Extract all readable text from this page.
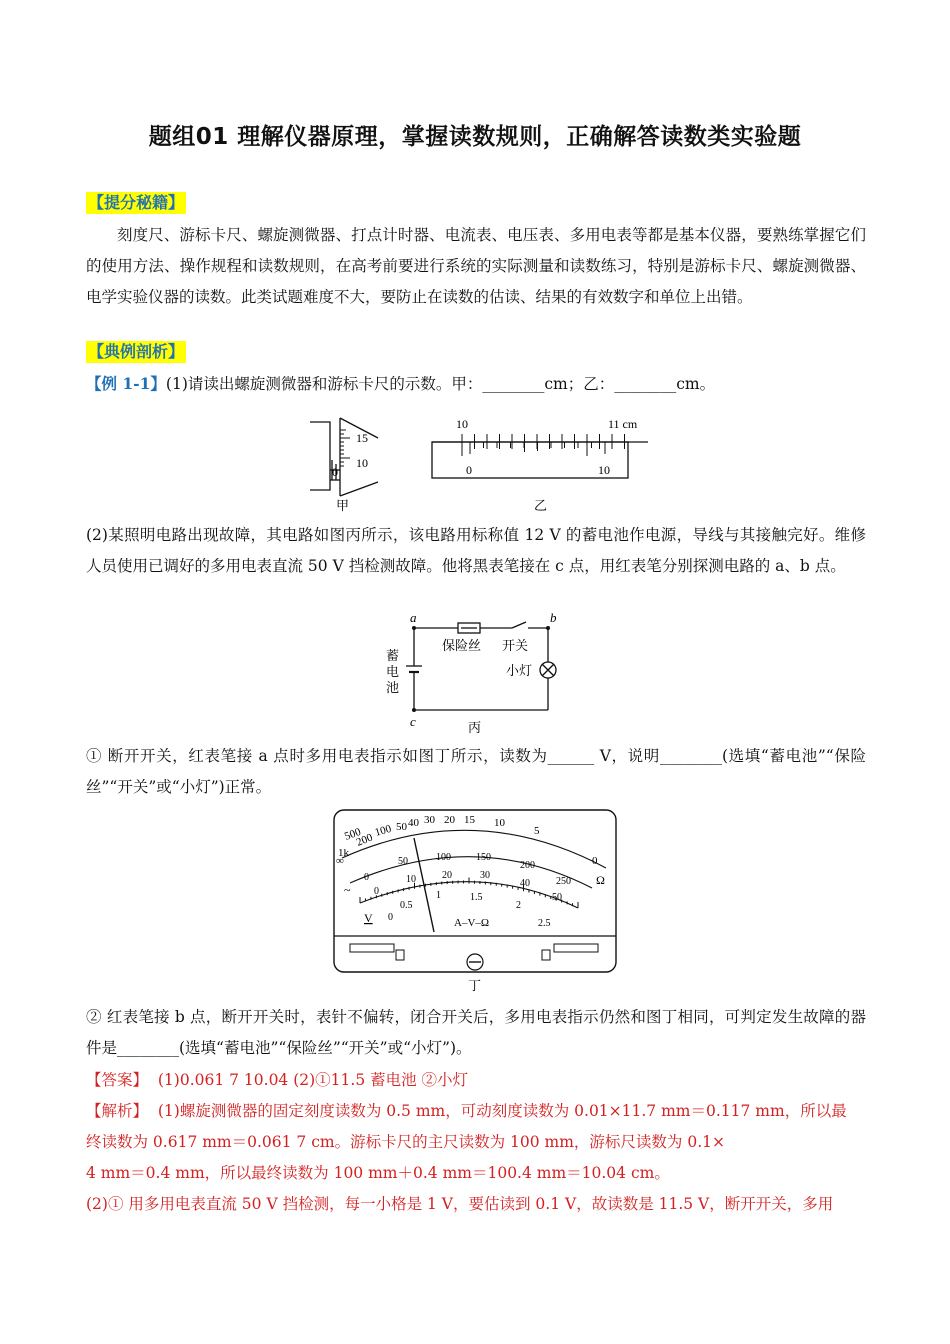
题组01 理解仪器原理，掌握读数规则，正确解答读数类实验题
【提分秘籍】
刻度尺、游标卡尺、螺旋测微器、打点计时器、电流表、电压表、多用电表等都是基本仪器，要熟练掌握它们的使用方法、操作规程和读数规则，在高考前要进行系统的实际测量和读数练习，特别是游标卡尺、螺旋测微器、电学实验仪器的读数。此类试题难度不大，要防止在读数的估读、结果的有效数字和单位上出错。
【典例剖析】
【例 1-1】(1)请读出螺旋测微器和游标卡尺的示数。甲：________cm；乙：________cm。
15
10
0
甲
10	11 cm
0	10
乙
(2)某照明电路出现故障，其电路如图丙所示，该电路用标称值 12 V 的蓄电池作电源，导线与其接触完好。维修人员使用已调好的多用电表直流 50 V 挡检测故障。他将黑表笔接在 c 点，用红表笔分别探测电路的 a、b 点。
a	b
c
保险丝 开关
小灯
蓄
电
池
丙
① 断开开关，红表笔接 a 点时多用电表指示如图丁所示，读数为______ V，说明________(选填“蓄电池”“保险丝”“开关”或“小灯”)正常。
500
1k
200
100 50 40 30 20 15 10
5
0
∞
Ω
0
50	100	150
200
250
0
10	20	30
40
50
0
0.5
1	1.5
2
2.5
~
V	A–V–Ω
丁
② 红表笔接 b 点，断开开关时，表针不偏转，闭合开关后，多用电表指示仍然和图丁相同，可判定发生故障的器件是________(选填“蓄电池”“保险丝”“开关”或“小灯”)。
【答案】 (1)0.061 7 10.04 (2)①11.5 蓄电池 ②小灯
【解析】 (1)螺旋测微器的固定刻度读数为 0.5 mm，可动刻度读数为 0.01×11.7 mm＝0.117 mm，所以最
终读数为 0.617 mm＝0.061 7 cm。游标卡尺的主尺读数为 100 mm，游标尺读数为 0.1×
4 mm＝0.4 mm，所以最终读数为 100 mm＋0.4 mm＝100.4 mm＝10.04 cm。
(2)① 用多用电表直流 50 V 挡检测，每一小格是 1 V，要估读到 0.1 V，故读数是 11.5 V，断开开关，多用
